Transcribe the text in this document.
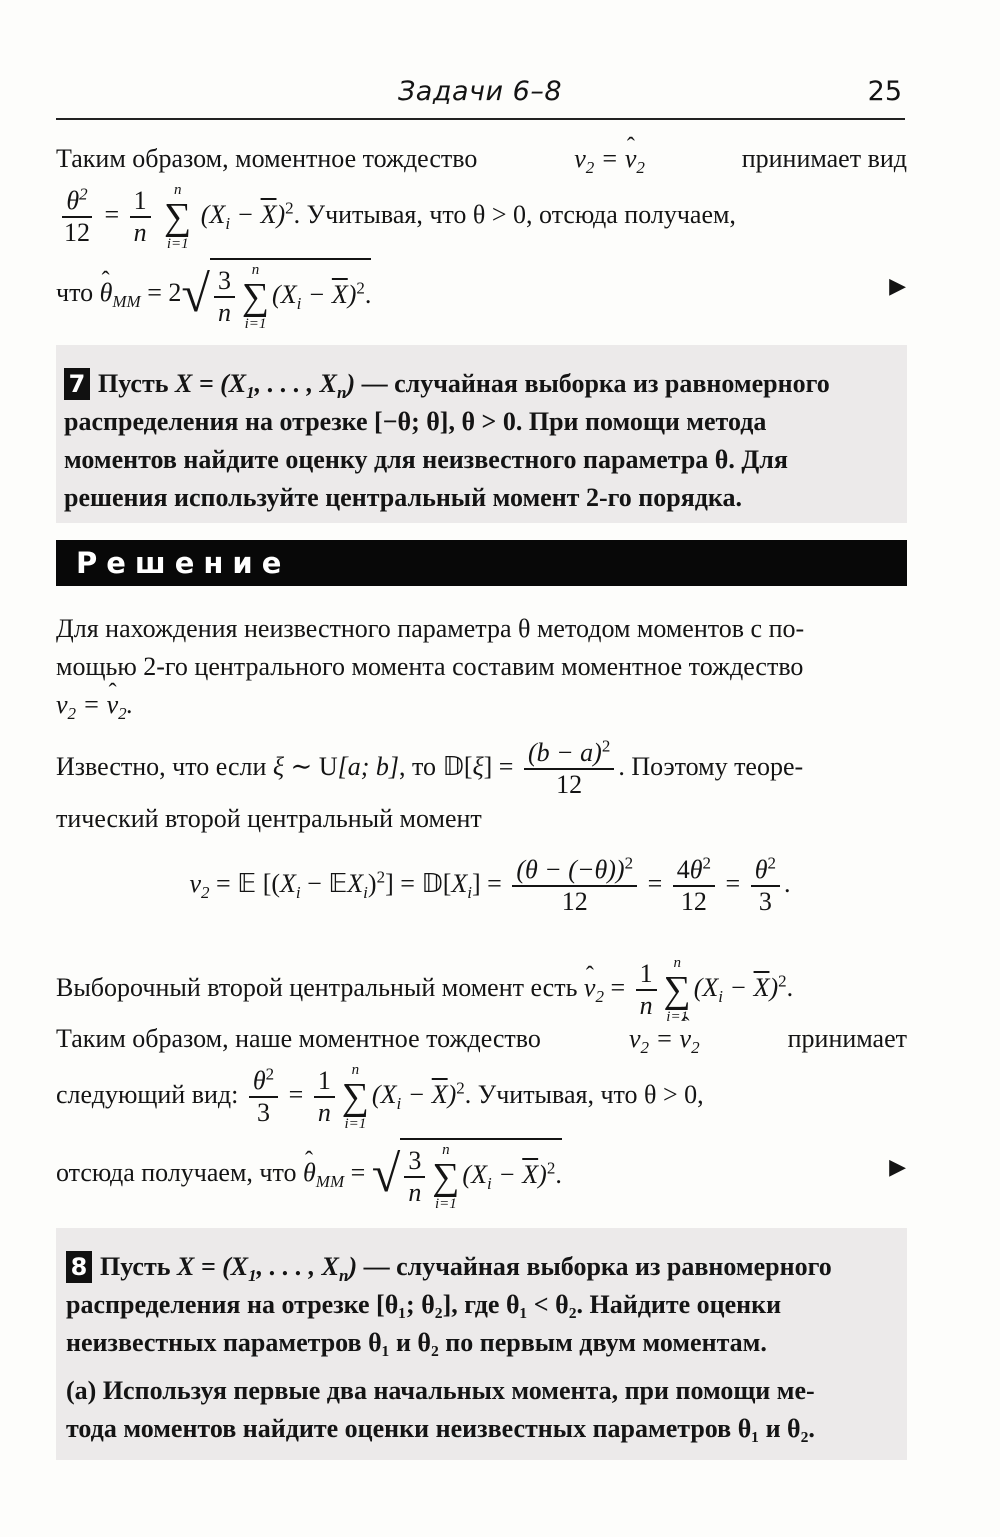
Задачи 6–8	25
Таким образом, моментное тождество	$\nu_2$ = ˆ $\nu_2$	принимает вид
$\frac{\theta^2}{12} = \frac{1}{n}$
n
∑
i=1
$(X_i - \overline{X})^2$. Учитывая, что θ > 0, отсюда получаем,
что ˆ $\theta_{MM} = 2√ \frac{3}{n}$ n
∑
i=1
$(X_i - \overline{X})^2$.	▶
7 Пусть $X = (X_1$, . . . , $X_n$) — случайная выборка из равномерного
распределения на отрезке [−θ; θ], θ > 0. При помощи метода
моментов найдите оценку для неизвестного параметра θ. Для
решения используйте центральный момент 2-го порядка.
Решение
Для нахождения неизвестного параметра θ методом моментов с по-
мощью 2-го центрального момента составим моментное тождество
$\nu_2$ = ˆ $\nu_2$.
Известно, что если ξ ∼ U[a; b], то 𝔻[ξ] = $\frac{(b - a)^2}{12}$ . Поэтому теоре-
тический второй центральный момент
$\nu_2$ = 𝔼 [($X_i$ − 𝔼X$_i$)$^2$] = $𝔻[X_i] = \frac{(\theta - (-\theta))^2}{12} = \frac{4\theta^2}{12} = \frac{\theta^2}{3}$ .
Выборочный второй центральный момент есть ˆ $\nu_2 = \frac{1}{n}$ n
∑
i=1
$(X_i - \overline{X})^2$.
Таким образом, наше моментное тождество	$\nu_2$ = ˆ $\nu_2$	принимает
следующий вид: $\frac{\theta^2}{3} = \frac{1}{n}$ n
∑
i=1
$(X_i - \overline{X})^2$. Учитывая, что θ > 0,
отсюда получаем, что ˆ $\theta_{MM}$ = √ $\frac{3}{n}$ n
∑
i=1
$(X_i - \overline{X})^2$.	▶
8 Пусть $X = (X_1$, . . . , $X_n$) — случайная выборка из равномерного
распределения на отрезке [θ₁; θ₂], где θ₁ < θ₂. Найдите оценки
неизвестных параметров θ₁ и θ₂ по первым двум моментам.
(a) Используя первые два начальных момента, при помощи ме-
тода моментов найдите оценки неизвестных параметров θ₁ и θ₂.
